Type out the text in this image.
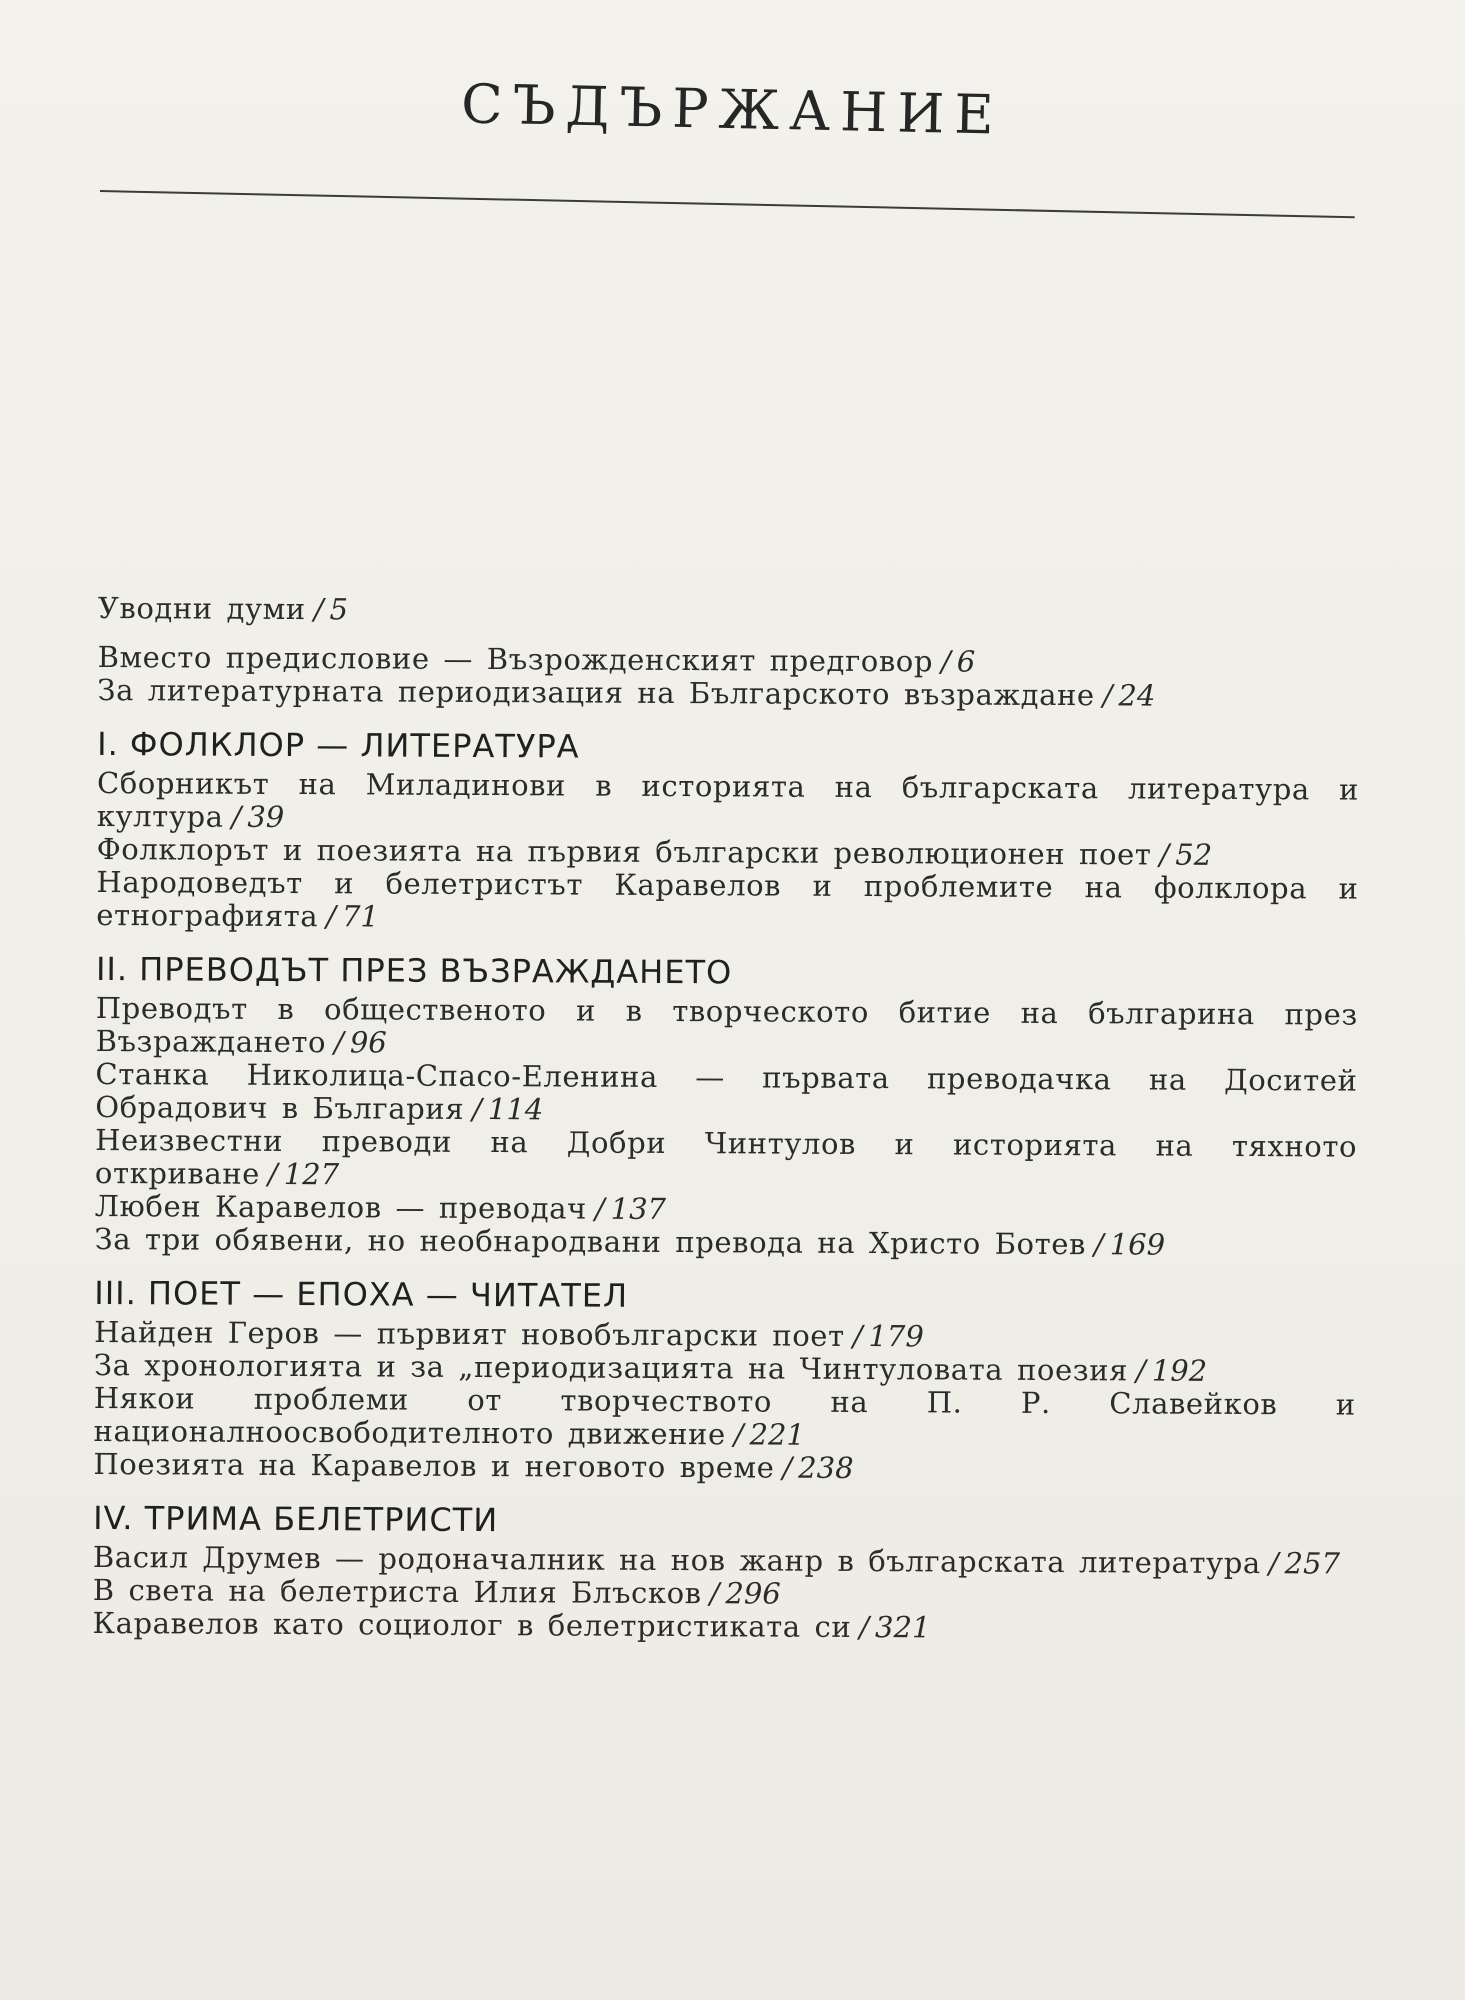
СЪДЪРЖАНИЕ
Уводни думи / 5
Вместо предисловие — Възрожденският предговор / 6
За литературната периодизация на Българското възраждане / 24
I. ФОЛКЛОР — ЛИТЕРАТУРА
Сборникът на Миладинови в историята на българската литература и култура / 39
Фолклорът и поезията на първия български революционен поет / 52
Народоведът и белетристът Каравелов и проблемите на фолклора и етнографията / 71
II. ПРЕВОДЪТ ПРЕЗ ВЪЗРАЖДАНЕТО
Преводът в общественото и в творческото битие на българина през Възраждането / 96
Станка Николица-Спасо-Еленина — първата преводачка на Доситей Обрадович в България / 114
Неизвестни преводи на Добри Чинтулов и историята на тяхното откриване / 127
Любен Каравелов — преводач / 137
За три обявени, но необнародвани превода на Христо Ботев / 169
III. ПОЕТ — ЕПОХА — ЧИТАТЕЛ
Найден Геров — първият новобългарски поет / 179
За хронологията и за „периодизацията на Чинтуловата поезия / 192
Някои проблеми от творчеството на П. Р. Славейков и националноосвободителното движение / 221
Поезията на Каравелов и неговото време / 238
IV. ТРИМА БЕЛЕТРИСТИ
Васил Друмев — родоначалник на нов жанр в българската литература / 257
В света на белетриста Илия Блъсков / 296
Каравелов като социолог в белетристиката си / 321
